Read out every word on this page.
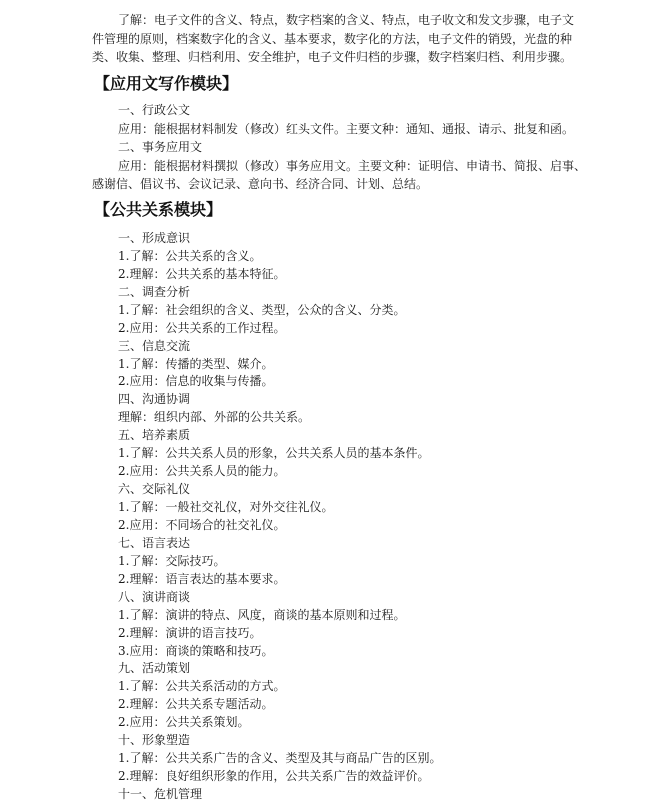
了解：电子文件的含义、特点，数字档案的含义、特点，电子收文和发文步骤，电子文
件管理的原则，档案数字化的含义、基本要求，数字化的方法，电子文件的销毁，光盘的种
类、收集、整理、归档利用、安全维护，电子文件归档的步骤，数字档案归档、利用步骤。
【应用文写作模块】
一、行政公文
应用：能根据材料制发（修改）红头文件。主要文种：通知、通报、请示、批复和函。
二、事务应用文
应用：能根据材料撰拟（修改）事务应用文。主要文种：证明信、申请书、简报、启事、
感谢信、倡议书、会议记录、意向书、经济合同、计划、总结。
【公共关系模块】
一、形成意识
1.了解：公共关系的含义。
2.理解：公共关系的基本特征。
二、调查分析
1.了解：社会组织的含义、类型，公众的含义、分类。
2.应用：公共关系的工作过程。
三、信息交流
1.了解：传播的类型、媒介。
2.应用：信息的收集与传播。
四、沟通协调
理解：组织内部、外部的公共关系。
五、培养素质
1.了解：公共关系人员的形象，公共关系人员的基本条件。
2.应用：公共关系人员的能力。
六、交际礼仪
1.了解：一般社交礼仪，对外交往礼仪。
2.应用：不同场合的社交礼仪。
七、语言表达
1.了解：交际技巧。
2.理解：语言表达的基本要求。
八、演讲商谈
1.了解：演讲的特点、风度，商谈的基本原则和过程。
2.理解：演讲的语言技巧。
3.应用：商谈的策略和技巧。
九、活动策划
1.了解：公共关系活动的方式。
2.理解：公共关系专题活动。
2.应用：公共关系策划。
十、形象塑造
1.了解：公共关系广告的含义、类型及其与商品广告的区别。
2.理解：良好组织形象的作用，公共关系广告的效益评价。
十一、危机管理
